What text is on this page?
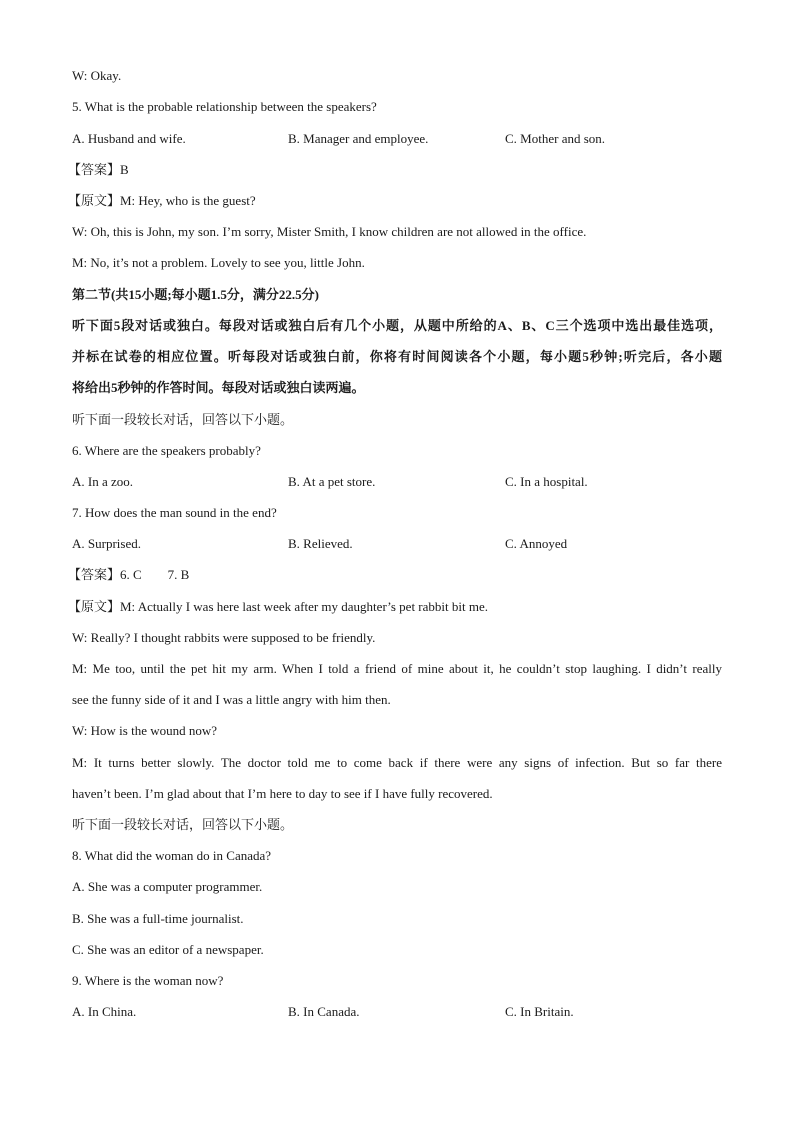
W: Okay.
5. What is the probable relationship between the speakers?
A. Husband and wife.	B. Manager and employee.	C. Mother and son.
【答案】B
【原文】M: Hey, who is the guest?
W: Oh, this is John, my son. I’m sorry, Mister Smith, I know children are not allowed in the office.
M: No, it’s not a problem. Lovely to see you, little John.
第二节(共15小题;每小题1.5分，满分22.5分)
听下面5段对话或独白。每段对话或独白后有几个小题，从题中所给的A、B、C三个选项中选出最佳选项，
并标在试卷的相应位置。听每段对话或独白前，你将有时间阅读各个小题，每小题5秒钟;听完后，各小题
将给出5秒钟的作答时间。每段对话或独白读两遍。
听下面一段较长对话，回答以下小题。
6. Where are the speakers probably?
A. In a zoo.	B. At a pet store.	C. In a hospital.
7. How does the man sound in the end?
A. Surprised.	B. Relieved.	C. Annoyed
【答案】6. C　　7. B
【原文】M: Actually I was here last week after my daughter’s pet rabbit bit me.
W: Really? I thought rabbits were supposed to be friendly.
M: Me too, until the pet hit my arm. When I told a friend of mine about it, he couldn’t stop laughing. I didn’t really
see the funny side of it and I was a little angry with him then.
W: How is the wound now?
M: It turns better slowly. The doctor told me to come back if there were any signs of infection. But so far there
haven’t been. I’m glad about that I’m here to day to see if I have fully recovered.
听下面一段较长对话，回答以下小题。
8. What did the woman do in Canada?
A. She was a computer programmer.
B. She was a full-time journalist.
C. She was an editor of a newspaper.
9. Where is the woman now?
A. In China.	B. In Canada.	C. In Britain.
